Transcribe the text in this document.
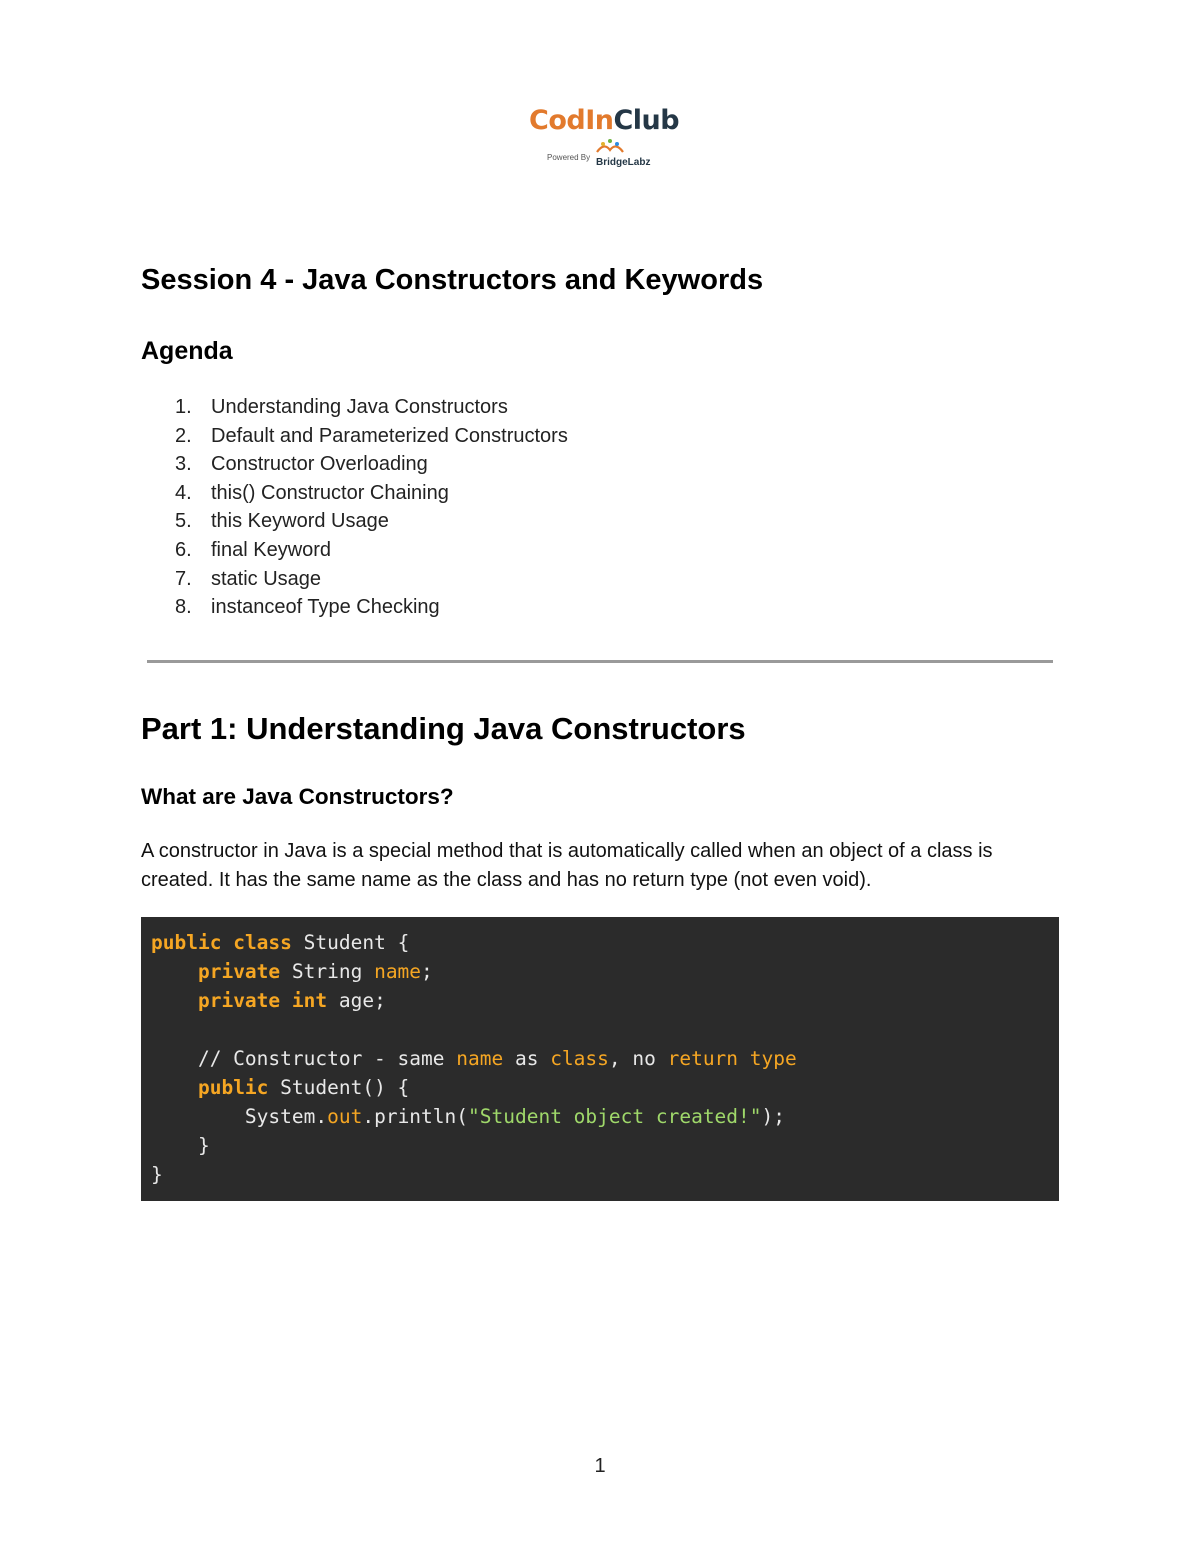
CodInClub
Powered By BridgeLabz
Session 4 - Java Constructors and Keywords
Agenda
1. Understanding Java Constructors
2. Default and Parameterized Constructors
3. Constructor Overloading
4. this() Constructor Chaining
5. this Keyword Usage
6. final Keyword
7. static Usage
8. instanceof Type Checking
Part 1: Understanding Java Constructors
What are Java Constructors?

A constructor in Java is a special method that is automatically called when an object of a class is created. It has the same name as the class and has no return type (not even void).

public class Student {
private String name;
private int age;
// Constructor - same name as class, no return type
public Student() {
System.out.println("Student object created!");
}
}
1
